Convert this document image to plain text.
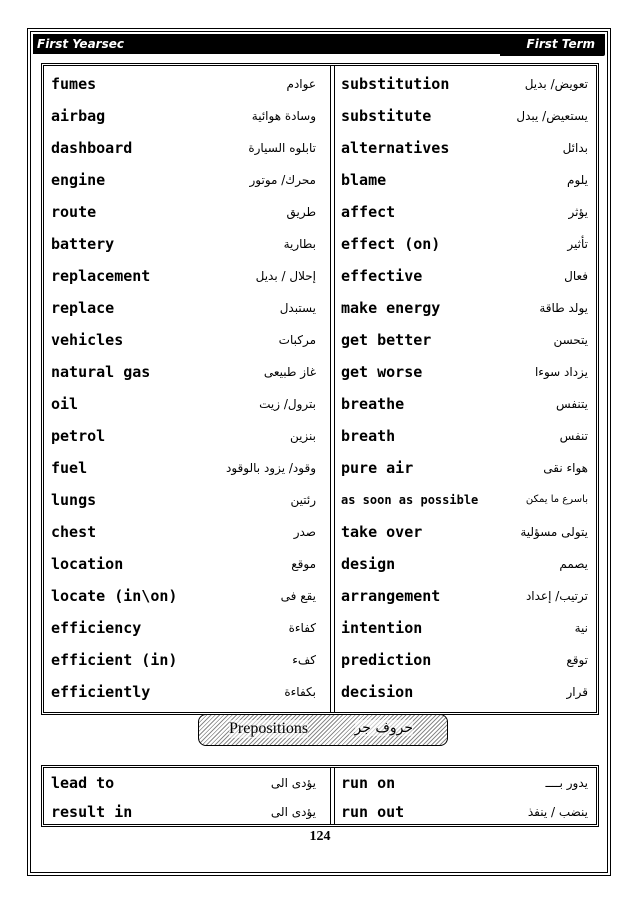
First Yearsec	First Term
fumes	عوادم substitution	تعويض/ بديل
airbag	وسادة هوائية substitute	يستعيض/ يبدل
dashboard	تابلوه السيارة alternatives	بدائل
engine	محرك/ موتور blame	يلوم
route	طريق affect	يؤثر
battery	بطارية effect (on)	تأثير
replacement	إحلال / بديل effective	فعال
replace	يستبدل make energy	يولد طاقة
vehicles	مركبات get better	يتحسن
natural gas	غاز طبيعى get worse	يزداد سوءا
oil	بترول/ زيت breathe	يتنفس
petrol	بنزين breath	تنفس
fuel	وقود/ يزود بالوقود pure air	هواء نقى
lungs	رئتين as soon as possible	باسرع ما يمكن
chest	صدر take over	يتولى مسؤلية
location	موقع design	يصمم
locate (in\on)	يقع فى arrangement	ترتيب/ إعداد
efficiency	كفاءة intention	نية
efficient (in)	كفء prediction	توقع
efficiently	بكفاءة decision	قرار
Prepositions	حروف جر
lead to	يؤدى الى run on	يدور بــــ
result in	يؤدى الى run out	ينضب / ينفذ
124
